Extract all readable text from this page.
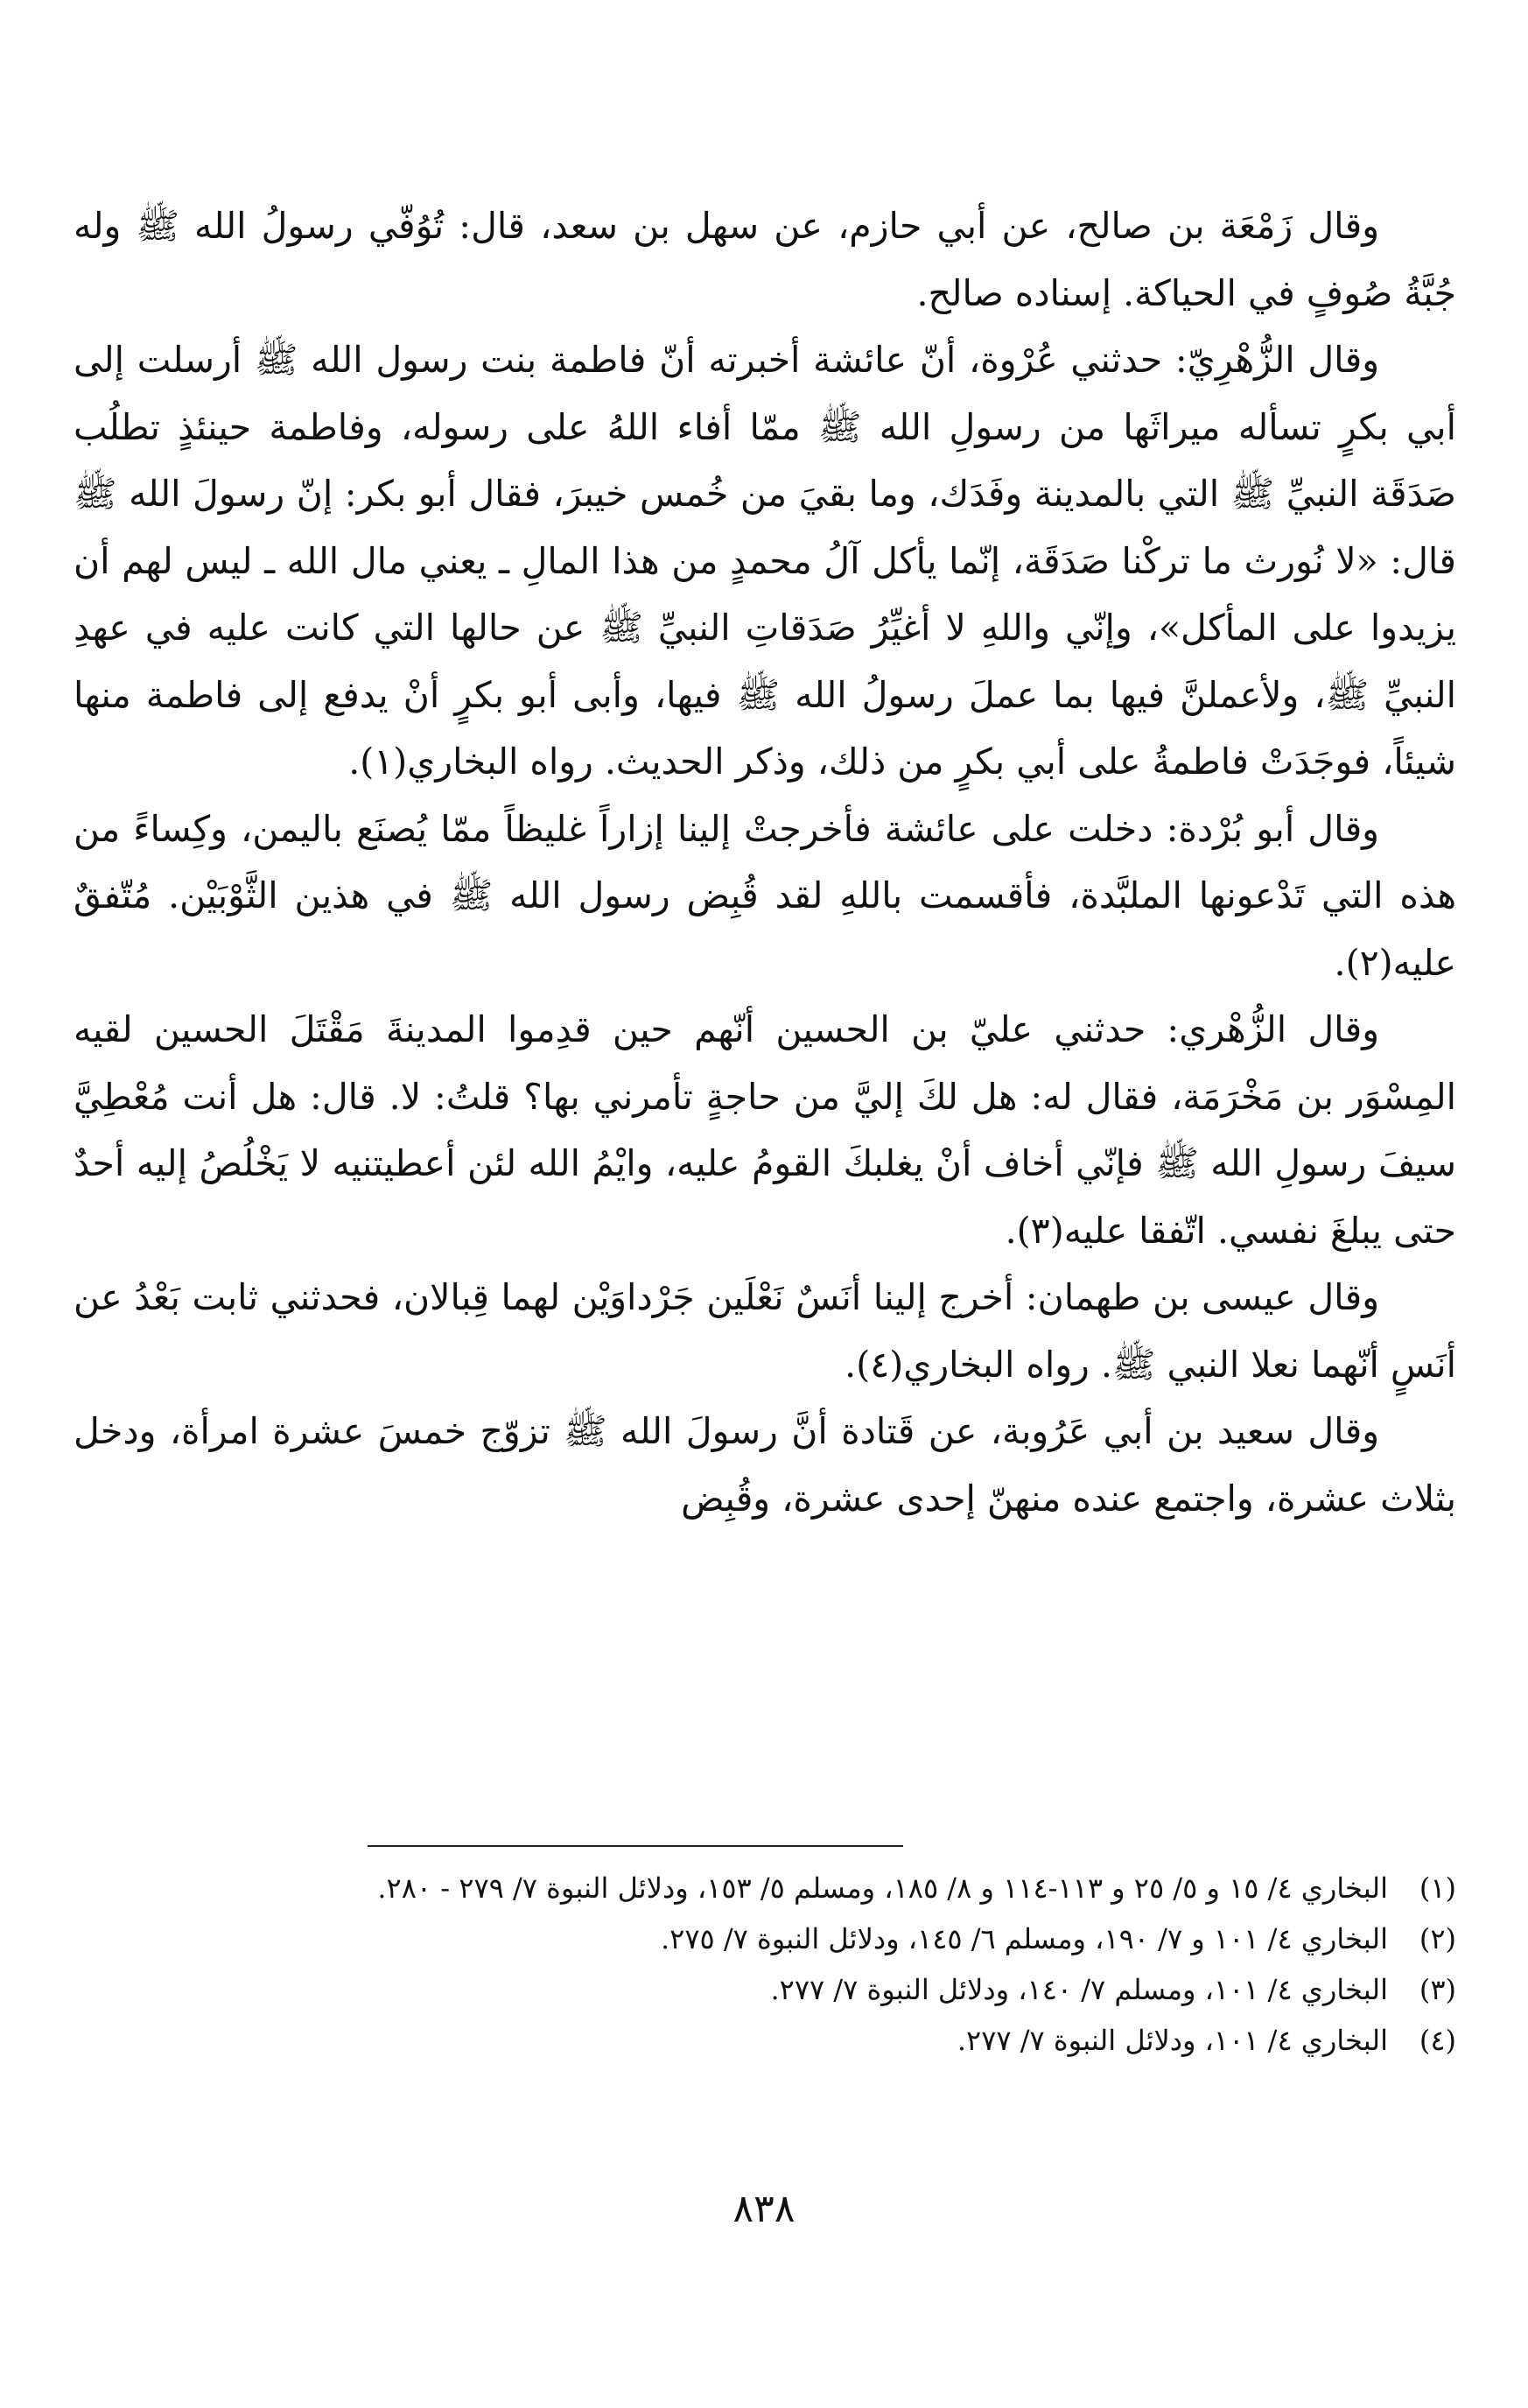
وقال زَمْعَة بن صالح، عن أبي حازم، عن سهل بن سعد، قال: تُوُفّي رسولُ الله ﷺ وله جُبَّةُ صُوفٍ في الحياكة. إسناده صالح.

وقال الزُّهْرِيّ: حدثني عُرْوة، أنّ عائشة أخبرته أنّ فاطمة بنت رسول الله ﷺ أرسلت إلى أبي بكرٍ تسأله ميراثَها من رسولِ الله ﷺ ممّا أفاء اللهُ على رسوله، وفاطمة حينئذٍ تطلُب صَدَقَة النبيِّ ﷺ التي بالمدينة وفَدَك، وما بقيَ من خُمس خيبرَ، فقال أبو بكر: إنّ رسولَ الله ﷺ قال: «لا نُورث ما تركْنا صَدَقَة، إنّما يأكل آلُ محمدٍ من هذا المالِ ـ يعني مال الله ـ ليس لهم أن يزيدوا على المأكل»، وإنّي واللهِ لا أغيِّرُ صَدَقاتِ النبيِّ ﷺ عن حالها التي كانت عليه في عهدِ النبيِّ ﷺ، ولأعملنَّ فيها بما عملَ رسولُ الله ﷺ فيها، وأبى أبو بكرٍ أنْ يدفع إلى فاطمة منها شيئاً، فوجَدَتْ فاطمةُ على أبي بكرٍ من ذلك، وذكر الحديث. رواه البخاري(١).

وقال أبو بُرْدة: دخلت على عائشة فأخرجتْ إلينا إزاراً غليظاً ممّا يُصنَع باليمن، وكِساءً من هذه التي تَدْعونها الملبَّدة، فأقسمت باللهِ لقد قُبِض رسول الله ﷺ في هذين الثَّوْبَيْن. مُتّفقٌ عليه(٢).

وقال الزُّهْري: حدثني عليّ بن الحسين أنّهم حين قدِموا المدينةَ مَقْتَلَ الحسين لقيه المِسْوَر بن مَخْرَمَة، فقال له: هل لكَ إليَّ من حاجةٍ تأمرني بها؟ قلتُ: لا. قال: هل أنت مُعْطِيَّ سيفَ رسولِ الله ﷺ فإنّي أخاف أنْ يغلبكَ القومُ عليه، وايْمُ الله لئن أعطيتنيه لا يَخْلُصُ إليه أحدٌ حتى يبلغَ نفسي. اتّفقا عليه(٣).

وقال عيسى بن طهمان: أخرج إلينا أنَسٌ نَعْلَين جَرْداوَيْن لهما قِبالان، فحدثني ثابت بَعْدُ عن أنَسٍ أنّهما نعلا النبي ﷺ. رواه البخاري(٤).

وقال سعيد بن أبي عَرُوبة، عن قَتادة أنَّ رسولَ الله ﷺ تزوّج خمسَ عشرة امرأة، ودخل بثلاث عشرة، واجتمع عنده منهنّ إحدى عشرة، وقُبِض

(١)
البخاري ٤/ ١٥ و ٥/ ٢٥ و ١١٣-١١٤ و ٨/ ١٨٥، ومسلم ٥/ ١٥٣، ودلائل النبوة ٧/ ٢٧٩ - ٢٨٠.
(٢)
البخاري ٤/ ١٠١ و ٧/ ١٩٠، ومسلم ٦/ ١٤٥، ودلائل النبوة ٧/ ٢٧٥.
(٣)
البخاري ٤/ ١٠١، ومسلم ٧/ ١٤٠، ودلائل النبوة ٧/ ٢٧٧.
(٤)
البخاري ٤/ ١٠١، ودلائل النبوة ٧/ ٢٧٧.
٨٣٨
